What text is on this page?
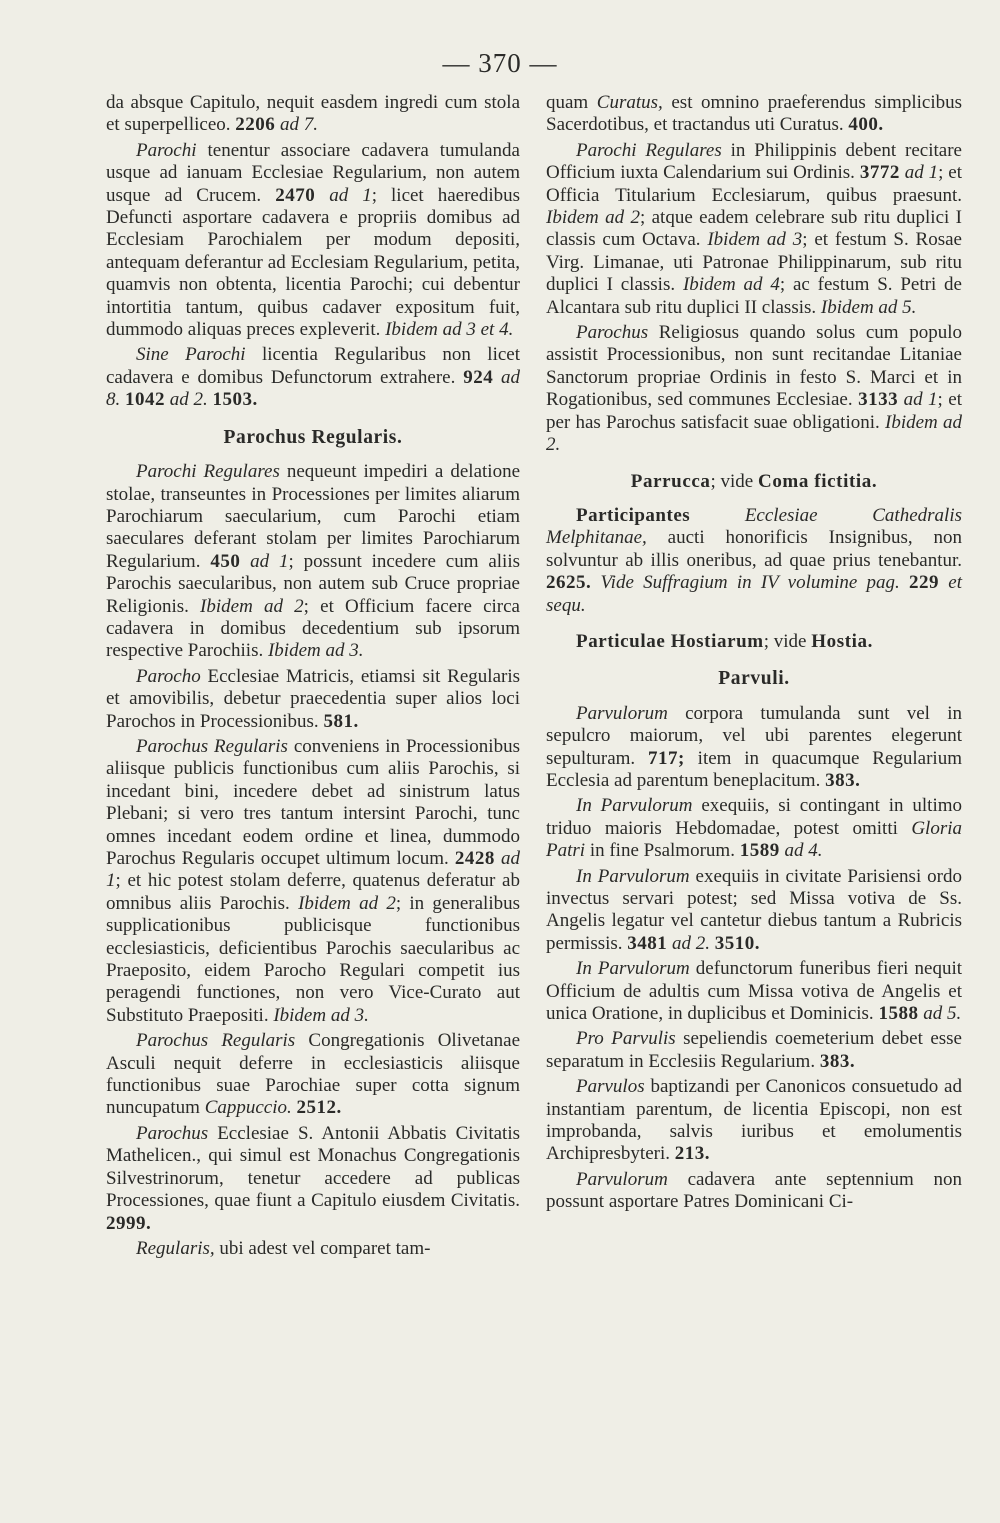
— 370 —

da absque Capitulo, nequit easdem ingredi cum stola et superpelliceo. 2206 ad 7.

Parochi tenentur associare cadavera tumulanda usque ad ianuam Ecclesiae Regularium, non autem usque ad Crucem. 2470 ad 1; licet haeredibus Defuncti asportare cadavera e propriis domibus ad Ecclesiam Parochialem per modum depositi, antequam deferantur ad Ecclesiam Regularium, petita, quamvis non obtenta, licentia Parochi; cui debentur intortitia tantum, quibus cadaver expositum fuit, dummodo aliquas preces expleverit. Ibidem ad 3 et 4.

Sine Parochi licentia Regularibus non licet cadavera e domibus Defunctorum extrahere. 924 ad 8. 1042 ad 2. 1503.

Parochus Regularis.

Parochi Regulares nequeunt impediri a delatione stolae, transeuntes in Processiones per limites aliarum Parochiarum saecularium, cum Parochi etiam saeculares deferant stolam per limites Parochiarum Regularium. 450 ad 1; possunt incedere cum aliis Parochis saecularibus, non autem sub Cruce propriae Religionis. Ibidem ad 2; et Officium facere circa cadavera in domibus decedentium sub ipsorum respective Parochiis. Ibidem ad 3.

Parocho Ecclesiae Matricis, etiamsi sit Regularis et amovibilis, debetur praecedentia super alios loci Parochos in Processionibus. 581.

Parochus Regularis conveniens in Processionibus aliisque publicis functionibus cum aliis Parochis, si incedant bini, incedere debet ad sinistrum latus Plebani; si vero tres tantum intersint Parochi, tunc omnes incedant eodem ordine et linea, dummodo Parochus Regularis occupet ultimum locum. 2428 ad 1; et hic potest stolam deferre, quatenus deferatur ab omnibus aliis Parochis. Ibidem ad 2; in generalibus supplicationibus publicisque functionibus ecclesiasticis, deficientibus Parochis saecularibus ac Praeposito, eidem Parocho Regulari competit ius peragendi functiones, non vero Vice-Curato aut Substituto Praepositi. Ibidem ad 3.

Parochus Regularis Congregationis Olivetanae Asculi nequit deferre in ecclesiasticis aliisque functionibus suae Parochiae super cotta signum nuncupatum Cappuccio. 2512.

Parochus Ecclesiae S. Antonii Abbatis Civitatis Mathelicen., qui simul est Monachus Congregationis Silvestrinorum, tenetur accedere ad publicas Processiones, quae fiunt a Capitulo eiusdem Civitatis. 2999.

Regularis, ubi adest vel comparet tam-

quam Curatus, est omnino praeferendus simplicibus Sacerdotibus, et tractandus uti Curatus. 400.

Parochi Regulares in Philippinis debent recitare Officium iuxta Calendarium sui Ordinis. 3772 ad 1; et Officia Titularium Ecclesiarum, quibus praesunt. Ibidem ad 2; atque eadem celebrare sub ritu duplici I classis cum Octava. Ibidem ad 3; et festum S. Rosae Virg. Limanae, uti Patronae Philippinarum, sub ritu duplici I classis. Ibidem ad 4; ac festum S. Petri de Alcantara sub ritu duplici II classis. Ibidem ad 5.

Parochus Religiosus quando solus cum populo assistit Processionibus, non sunt recitandae Litaniae Sanctorum propriae Ordinis in festo S. Marci et in Rogationibus, sed communes Ecclesiae. 3133 ad 1; et per has Parochus satisfacit suae obligationi. Ibidem ad 2.

Parrucca; vide Coma fictitia.

Participantes Ecclesiae Cathedralis Melphitanae, aucti honorificis Insignibus, non solvuntur ab illis oneribus, ad quae prius tenebantur. 2625. Vide Suffragium in IV volumine pag. 229 et sequ.

Particulae Hostiarum; vide Hostia.
Parvuli.

Parvulorum corpora tumulanda sunt vel in sepulcro maiorum, vel ubi parentes elegerunt sepulturam. 717; item in quacumque Regularium Ecclesia ad parentum beneplacitum. 383.

In Parvulorum exequiis, si contingant in ultimo triduo maioris Hebdomadae, potest omitti Gloria Patri in fine Psalmorum. 1589 ad 4.

In Parvulorum exequiis in civitate Parisiensi ordo invectus servari potest; sed Missa votiva de Ss. Angelis legatur vel cantetur diebus tantum a Rubricis permissis. 3481 ad 2. 3510.

In Parvulorum defunctorum funeribus fieri nequit Officium de adultis cum Missa votiva de Angelis et unica Oratione, in duplicibus et Dominicis. 1588 ad 5.

Pro Parvulis sepeliendis coemeterium debet esse separatum in Ecclesiis Regularium. 383.

Parvulos baptizandi per Canonicos consuetudo ad instantiam parentum, de licentia Episcopi, non est improbanda, salvis iuribus et emolumentis Archipresbyteri. 213.

Parvulorum cadavera ante septennium non possunt asportare Patres Dominicani Ci-
